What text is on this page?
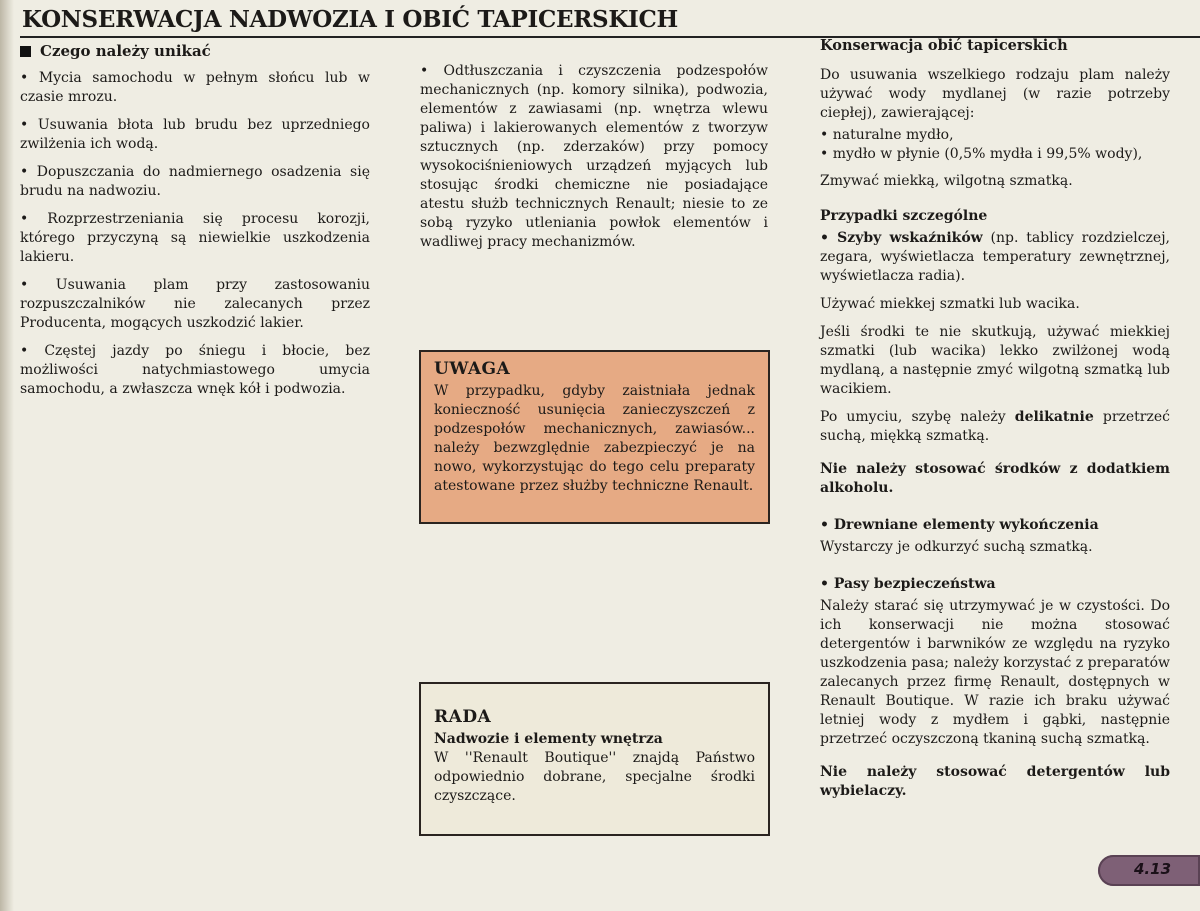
KONSERWACJA NADWOZIA I OBIĆ TAPICERSKICH
Czego należy unikać

• Mycia samochodu w pełnym słońcu lub w czasie mrozu.

• Usuwania błota lub brudu bez uprzedniego zwilżenia ich wodą.

• Dopuszczania do nadmiernego osadzenia się brudu na nadwoziu.

• Rozprzestrzeniania się procesu korozji, którego przyczyną są niewielkie uszkodzenia lakieru.

• Usuwania plam przy zastosowaniu rozpuszczalników nie zalecanych przez Producenta, mogących uszkodzić lakier.

• Częstej jazdy po śniegu i błocie, bez możliwości natychmiastowego umycia samochodu, a zwłaszcza wnęk kół i podwozia.

• Odtłuszczania i czyszczenia podzespołów mechanicznych (np. komory silnika), podwozia, elementów z zawiasami (np. wnętrza wlewu paliwa) i lakierowanych elementów z tworzyw sztucznych (np. zderzaków) przy pomocy wysokociśnieniowych urządzeń myjących lub stosując środki chemiczne nie posiadające atestu służb technicznych Renault; niesie to ze sobą ryzyko utleniania powłok elementów i wadliwej pracy mechanizmów.

UWAGA

W przypadku, gdyby zaistniała jednak konieczność usunięcia zanieczyszczeń z podzespołów mechanicznych, zawiasów... należy bezwzględnie zabezpieczyć je na nowo, wykorzystując do tego celu preparaty atestowane przez służby techniczne Renault.

RADA

Nadwozie i elementy wnętrza

W ''Renault Boutique'' znajdą Państwo odpowiednio dobrane, specjalne środki czyszczące.

Konserwacja obić tapicerskich

Do usuwania wszelkiego rodzaju plam należy używać wody mydlanej (w razie potrzeby ciepłej), zawierającej:

• naturalne mydło,
• mydło w płynie (0,5% mydła i 99,5% wody),

Zmywać miekką, wilgotną szmatką.

Przypadki szczególne

• Szyby wskaźników (np. tablicy rozdzielczej, zegara, wyświetlacza temperatury zewnętrznej, wyświetlacza radia).

Używać miekkej szmatki lub wacika.

Jeśli środki te nie skutkują, używać miekkiej szmatki (lub wacika) lekko zwilżonej wodą mydlaną, a następnie zmyć wilgotną szmatką lub wacikiem.

Po umyciu, szybę należy delikatnie przetrzeć suchą, miękką szmatką.

Nie należy stosować środków z dodatkiem alkoholu.

• Drewniane elementy wykończenia

Wystarczy je odkurzyć suchą szmatką.

• Pasy bezpieczeństwa

Należy starać się utrzymywać je w czystości. Do ich konserwacji nie można stosować detergentów i barwników ze względu na ryzyko uszkodzenia pasa; należy korzystać z preparatów zalecanych przez firmę Renault, dostępnych w Renault Boutique. W razie ich braku używać letniej wody z mydłem i gąbki, następnie przetrzeć oczyszczoną tkaniną suchą szmatką.

Nie należy stosować detergentów lub wybielaczy.

4.13
